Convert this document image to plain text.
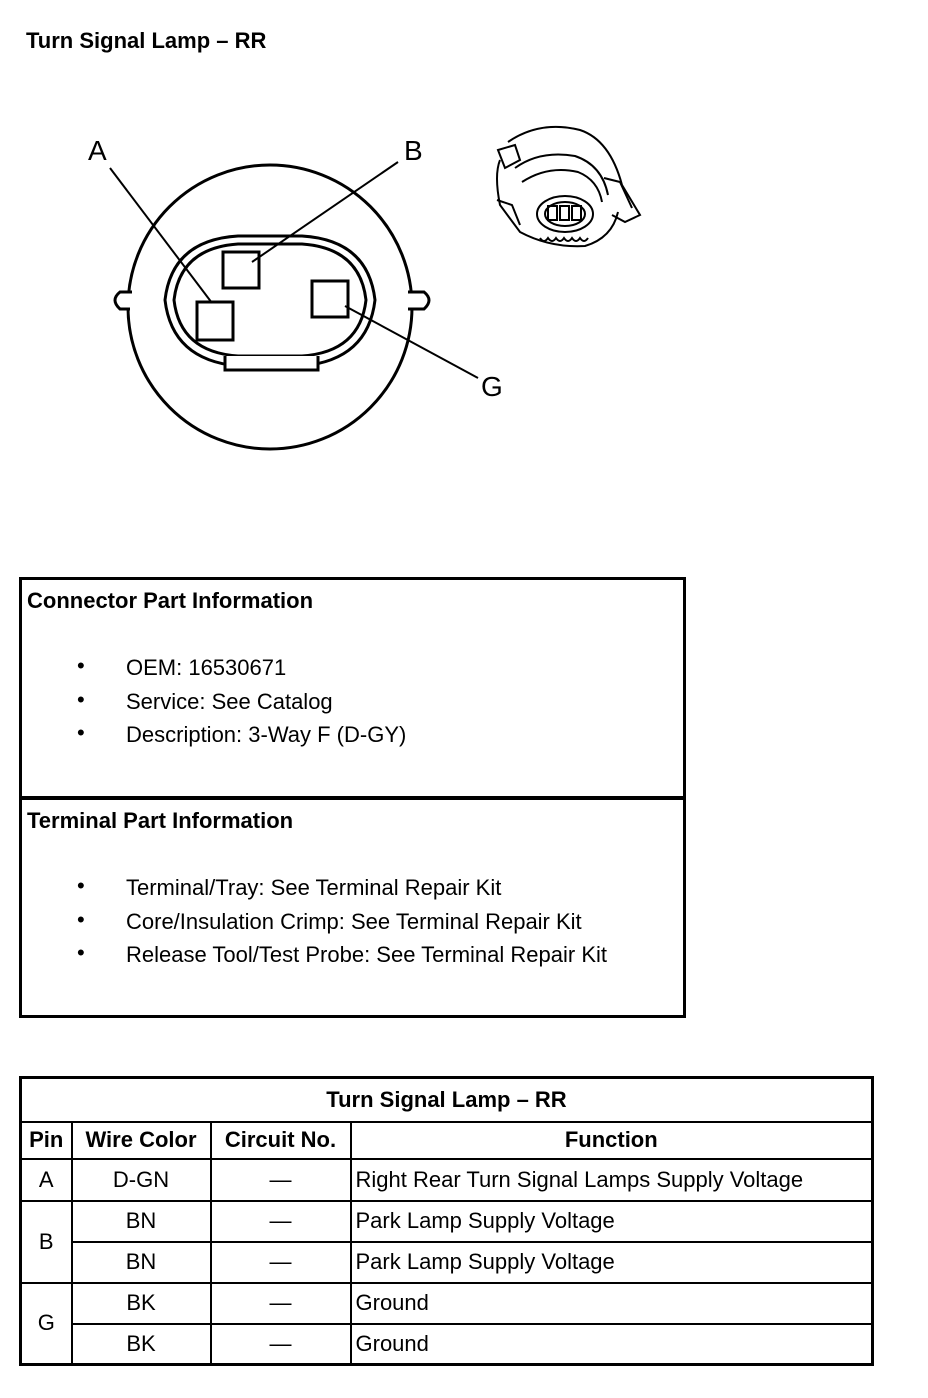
Turn Signal Lamp – RR
A	B
G
Connector Part Information
• OEM: 16530671
• Service: See Catalog
• Description: 3-Way F (D-GY)
Terminal Part Information
• Terminal/Tray: See Terminal Repair Kit
• Core/Insulation Crimp: See Terminal Repair Kit
• Release Tool/Test Probe: See Terminal Repair Kit
Turn Signal Lamp – RR			
Pin	Wire Color	Circuit No.	Function
A	D-GN	—	Right Rear Turn Signal Lamps Supply Voltage
B	BN	—	Park Lamp Supply Voltage
	BN	—	Park Lamp Supply Voltage
G	BK	—	Ground
	BK	—	Ground
